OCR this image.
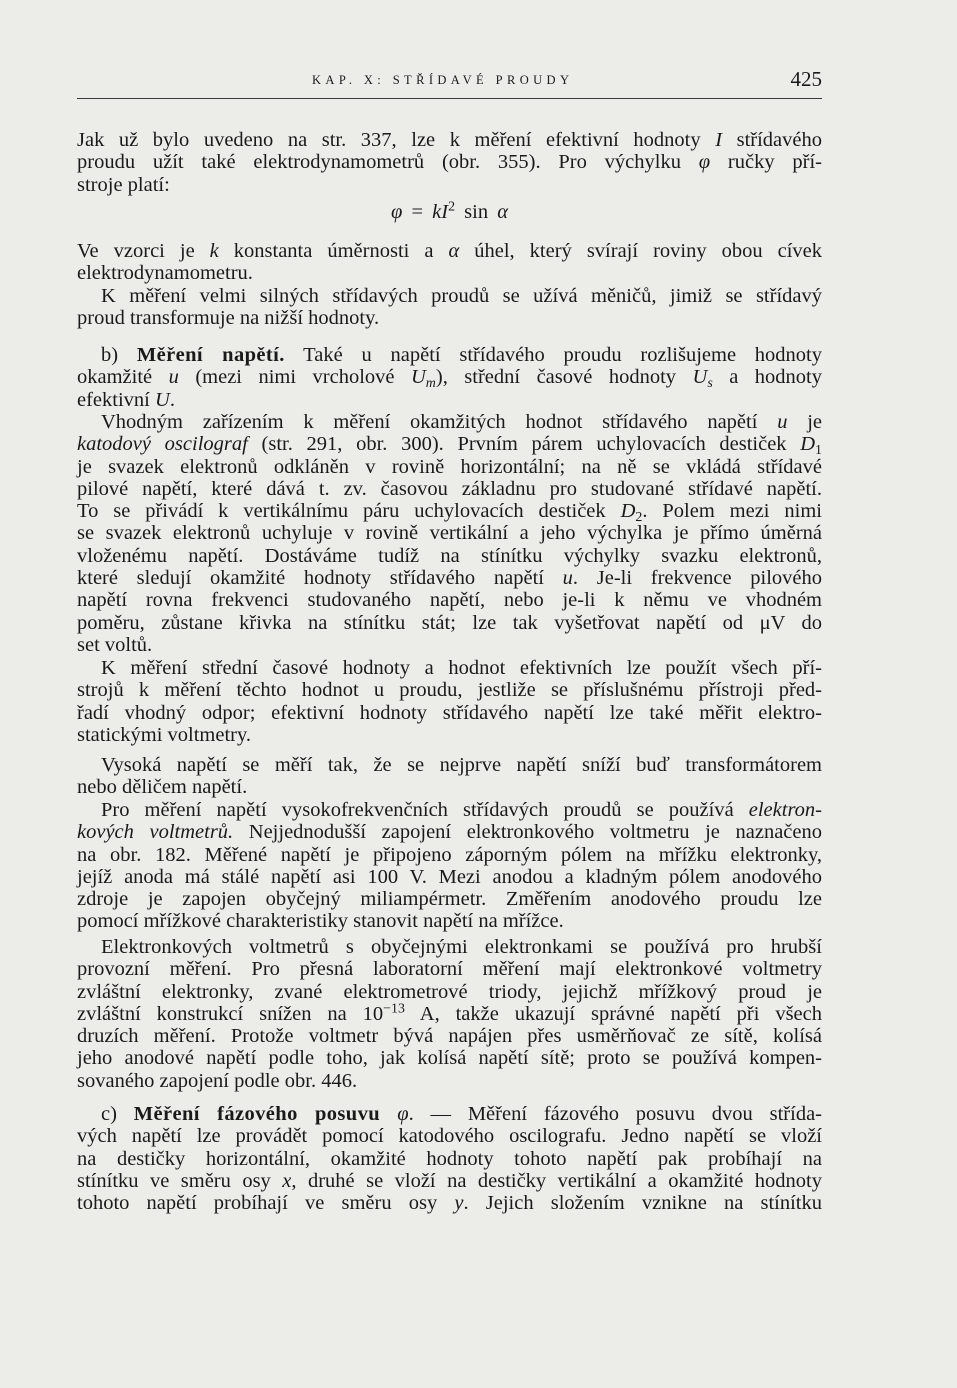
KAP. X: STŘÍDAVÉ PROUDY	425
Jak už bylo uvedeno na str. 337, lze k měření efektivní hodnoty I střídavého
proudu užít také elektrodynamometrů (obr. 355). Pro výchylku φ ručky pří-
stroje platí:
$\varphi = kI^2$ sin α
Ve vzorci je k konstanta úměrnosti a α úhel, který svírají roviny obou cívek
elektrodynamometru.
K měření velmi silných střídavých proudů se užívá měničů, jimiž se střídavý
proud transformuje na nižší hodnoty.
b) Měření napětí. Také u napětí střídavého proudu rozlišujeme hodnoty
okamžité u (mezi nimi vrcholové $U_m$), střední časové hodnoty $U_s$ a hodnoty
efektivní U.
Vhodným zařízením k měření okamžitých hodnot střídavého napětí u je
katodový oscilograf (str. 291, obr. 300). Prvním párem uchylovacích destiček $D_1$
je svazek elektronů odkláněn v rovině horizontální; na ně se vkládá střídavé
pilové napětí, které dává t. zv. časovou základnu pro studované střídavé napětí.
To se přivádí k vertikálnímu páru uchylovacích destiček $D_2$. Polem mezi nimi
se svazek elektronů uchyluje v rovině vertikální a jeho výchylka je přímo úměrná
vloženému napětí. Dostáváme tudíž na stínítku výchylky svazku elektronů,
které sledují okamžité hodnoty střídavého napětí u. Je-li frekvence pilového
napětí rovna frekvenci studovaného napětí, nebo je-li k němu ve vhodném
poměru, zůstane křivka na stínítku stát; lze tak vyšetřovat napětí od μV do
set voltů.
K měření střední časové hodnoty a hodnot efektivních lze použít všech pří-
strojů k měření těchto hodnot u proudu, jestliže se příslušnému přístroji před-
řadí vhodný odpor; efektivní hodnoty střídavého napětí lze také měřit elektro-
statickými voltmetry.
Vysoká napětí se měří tak, že se nejprve napětí sníží buď transformátorem
nebo děličem napětí.
Pro měření napětí vysokofrekvenčních střídavých proudů se používá elektron-
kových voltmetrů. Nejjednodušší zapojení elektronkového voltmetru je naznačeno
na obr. 182. Měřené napětí je připojeno záporným pólem na mřížku elektronky,
jejíž anoda má stálé napětí asi 100 V. Mezi anodou a kladným pólem anodového
zdroje je zapojen obyčejný miliampérmetr. Změřením anodového proudu lze
pomocí mřížkové charakteristiky stanovit napětí na mřížce.
Elektronkových voltmetrů s obyčejnými elektronkami se používá pro hrubší
provozní měření. Pro přesná laboratorní měření mají elektronkové voltmetry
zvláštní elektronky, zvané elektrometrové triody, jejichž mřížkový proud je
zvláštní konstrukcí snížen na $10^{-13}$ A, takže ukazují správné napětí při všech
druzích měření. Protože voltmetr bývá napájen přes usměrňovač ze sítě, kolísá
jeho anodové napětí podle toho, jak kolísá napětí sítě; proto se používá kompen-
sovaného zapojení podle obr. 446.
c) Měření fázového posuvu φ. — Měření fázového posuvu dvou střída-
vých napětí lze provádět pomocí katodového oscilografu. Jedno napětí se vloží
na destičky horizontální, okamžité hodnoty tohoto napětí pak probíhají na
stínítku ve směru osy x, druhé se vloží na destičky vertikální a okamžité hodnoty
tohoto napětí probíhají ve směru osy y. Jejich složením vznikne na stínítku
